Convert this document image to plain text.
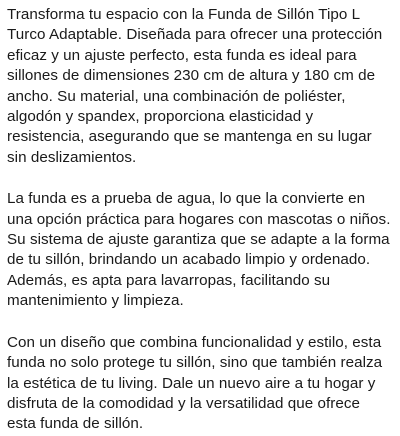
Transforma tu espacio con la Funda de Sillón Tipo L Turco Adaptable. Diseñada para ofrecer una protección eficaz y un ajuste perfecto, esta funda es ideal para sillones de dimensiones 230 cm de altura y 180 cm de ancho. Su material, una combinación de poliéster, algodón y spandex, proporciona elasticidad y resistencia, asegurando que se mantenga en su lugar sin deslizamientos.

La funda es a prueba de agua, lo que la convierte en una opción práctica para hogares con mascotas o niños. Su sistema de ajuste garantiza que se adapte a la forma de tu sillón, brindando un acabado limpio y ordenado. Además, es apta para lavarropas, facilitando su mantenimiento y limpieza.

Con un diseño que combina funcionalidad y estilo, esta funda no solo protege tu sillón, sino que también realza la estética de tu living. Dale un nuevo aire a tu hogar y disfruta de la comodidad y la versatilidad que ofrece esta funda de sillón.
